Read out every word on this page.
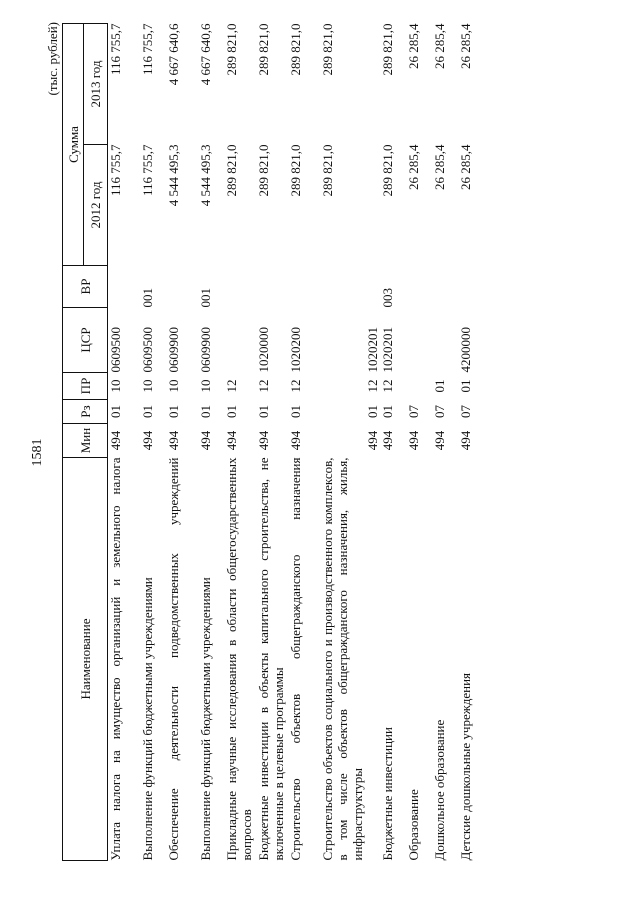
1581
(тыс. рублей)
Наименование	Мин	Рз	ПР	ЦСР	ВР	Сумма	
						2012 год	2013 год
Уплата налога на имущество организаций и земельного налога	494	01	10	0609500		116 755,7	116 755,7
Выполнение функций бюджетными учреждениями	494	01	10	0609500	001	116 755,7	116 755,7
Обеспечение деятельности подведомственных учреждений	494	01	10	0609900		4 544 495,3	4 667 640,6
Выполнение функций бюджетными учреждениями	494	01	10	0609900	001	4 544 495,3	4 667 640,6
Прикладные научные исследования в области общегосударственных вопросов	494	01	12			289 821,0	289 821,0
Бюджетные инвестиции в объекты капитального строительства, не включенные в целевые программы	494	01	12	1020000		289 821,0	289 821,0
Строительство объектов общегражданского назначения	494	01	12	1020200		289 821,0	289 821,0
Строительство объектов социального и производственного комплексов, в том числе объектов общегражданского назначения, жилья, инфраструктуры	494	01	12	1020201		289 821,0	289 821,0
Бюджетные инвестиции	494	01	12	1020201	003	289 821,0	289 821,0
Образование	494	07				26 285,4	26 285,4
Дошкольное образование	494	07	01			26 285,4	26 285,4
Детские дошкольные учреждения	494	07	01	4200000		26 285,4	26 285,4
